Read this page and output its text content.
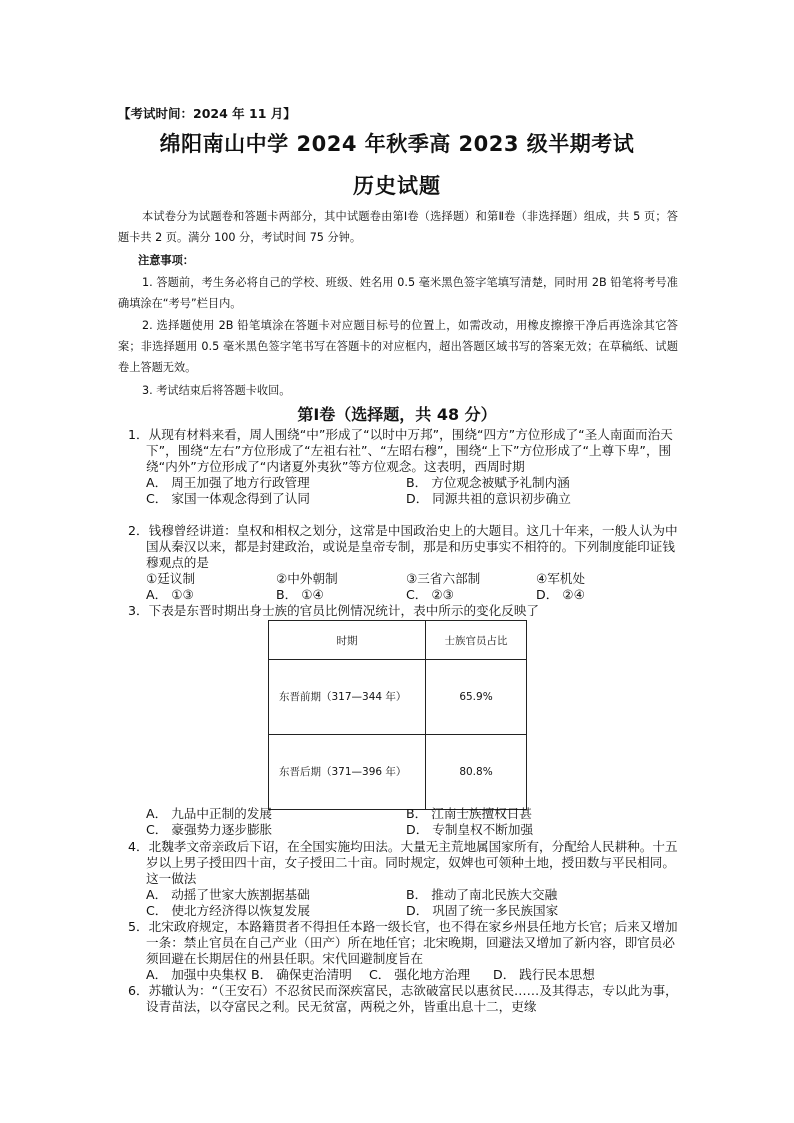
【考试时间：2024 年 11 月】
绵阳南山中学 2024 年秋季高 2023 级半期考试
历史试题
本试卷分为试题卷和答题卡两部分，其中试题卷由第Ⅰ卷（选择题）和第Ⅱ卷（非选择题）组成，共 5 页；答题卡共 2 页。满分 100 分，考试时间 75 分钟。
注意事项：
1. 答题前，考生务必将自己的学校、班级、姓名用 0.5 毫米黑色签字笔填写清楚，同时用 2B 铅笔将考号准确填涂在“考号”栏目内。
2. 选择题使用 2B 铅笔填涂在答题卡对应题目标号的位置上，如需改动，用橡皮擦擦干净后再选涂其它答案；非选择题用 0.5 毫米黑色签字笔书写在答题卡的对应框内，超出答题区域书写的答案无效；在草稿纸、试题卷上答题无效。
3. 考试结束后将答题卡收回。
第Ⅰ卷（选择题，共 48 分）
1．从现有材料来看，周人围绕“中”形成了“以时中万邦”，围绕“四方”方位形成了“圣人南面而治天下”，围绕“左右”方位形成了“左祖右社”、“左昭右穆”，围绕“上下”方位形成了“上尊下卑”，围绕“内外”方位形成了“内诸夏外夷狄”等方位观念。这表明，西周时期
A． 周王加强了地方行政管理	B． 方位观念被赋予礼制内涵
C． 家国一体观念得到了认同	D． 同源共祖的意识初步确立
2．钱穆曾经讲道：皇权和相权之划分，这常是中国政治史上的大题目。这几十年来，一般人认为中国从秦汉以来，都是封建政治，或说是皇帝专制，那是和历史事实不相符的。下列制度能印证钱穆观点的是
①廷议制	②中外朝制	③三省六部制	④军机处
A． ①③	B． ①④	C． ②③	D． ②④
3．下表是东晋时期出身士族的官员比例情况统计，表中所示的变化反映了
时期	士族官员占比
东晋前期（317—344 年）	65.9%
东晋后期（371—396 年）	80.8%
A． 九品中正制的发展	B． 江南士族擅权日甚
C． 豪强势力逐步膨胀	D． 专制皇权不断加强
4．北魏孝文帝亲政后下诏，在全国实施均田法。大量无主荒地属国家所有，分配给人民耕种。十五岁以上男子授田四十亩，女子授田二十亩。同时规定，奴婢也可领种土地，授田数与平民相同。这一做法
A． 动摇了世家大族割据基础	B． 推动了南北民族大交融
C． 使北方经济得以恢复发展	D． 巩固了统一多民族国家
5．北宋政府规定，本路籍贯者不得担任本路一级长官，也不得在家乡州县任地方长官；后来又增加一条：禁止官员在自己产业（田产）所在地任官；北宋晚期，回避法又增加了新内容，即官员必须回避在长期居住的州县任职。宋代回避制度旨在
A． 加强中央集权 B． 确保吏治清明	C． 强化地方治理	D． 践行民本思想
6．苏辙认为：“（王安石）不忍贫民而深疾富民，志欲破富民以惠贫民……及其得志，专以此为事，设青苗法，以夺富民之利。民无贫富，两税之外，皆重出息十二，吏缘
